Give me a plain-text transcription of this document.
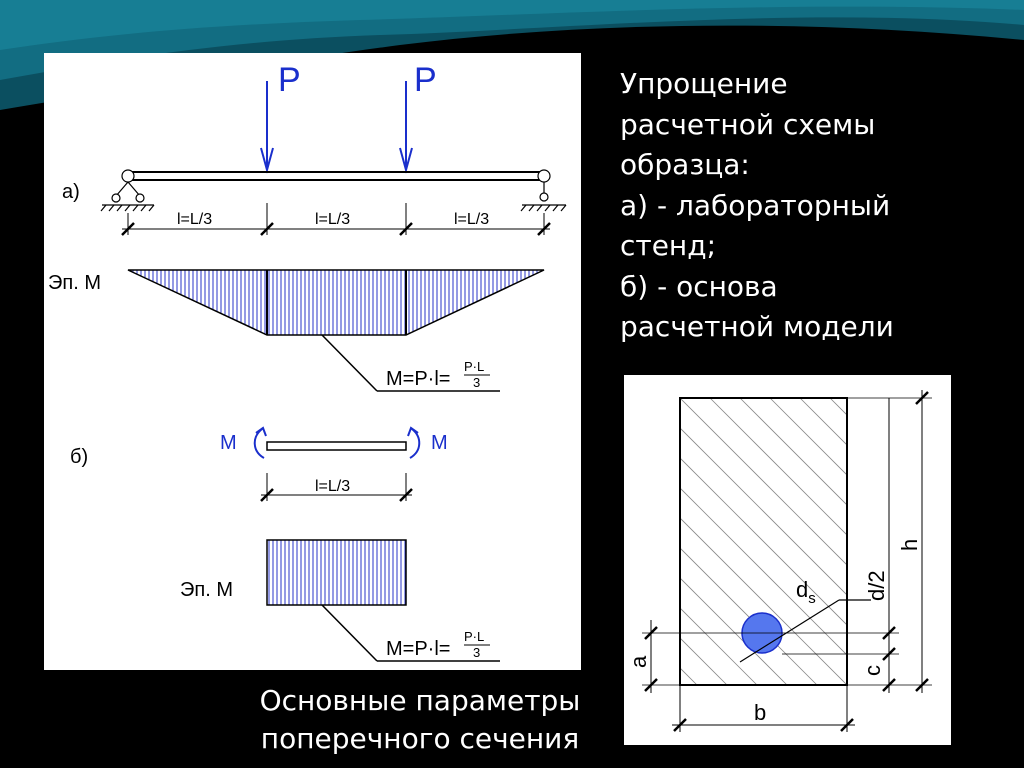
а)
P	P
l=L/3	l=L/3	l=L/3
Эп. М
M=P·l=
P·L
3
б)
M	M
l=L/3
Эп. М
M=P·l=
P·L
3
Упрощение
расчетной схемы
образца:
а) - лабораторный
стенд;
б) - основа
расчетной модели
$d_s$
h
d/2
c
a
b
Основные параметры
поперечного сечения
